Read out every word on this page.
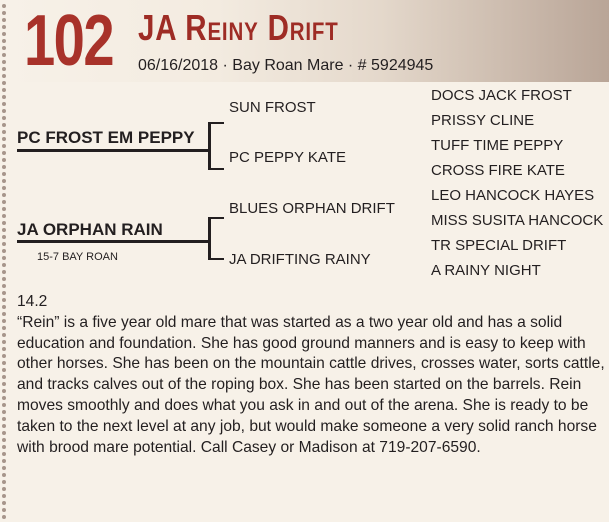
102 JA Reiny Drift
06/16/2018 · Bay Roan Mare · # 5924945
PC FROST EM PEPPY
SUN FROST
PC PEPPY KATE
DOCS JACK FROST
PRISSY CLINE
TUFF TIME PEPPY
CROSS FIRE KATE
JA ORPHAN RAIN
15-7 BAY ROAN
BLUES ORPHAN DRIFT
JA DRIFTING RAINY
LEO HANCOCK HAYES
MISS SUSITA HANCOCK
TR SPECIAL DRIFT
A RAINY NIGHT

14.2

“Rein” is a five year old mare that was started as a two year old and has a solid education and foundation. She has good ground manners and is easy to keep with other horses. She has been on the mountain cattle drives, crosses water, sorts cattle, and tracks calves out of the roping box. She has been started on the barrels. Rein moves smoothly and does what you ask in and out of the arena. She is ready to be taken to the next level at any job, but would make someone a very solid ranch horse with brood mare potential. Call Casey or Madison at 719-207-6590.
